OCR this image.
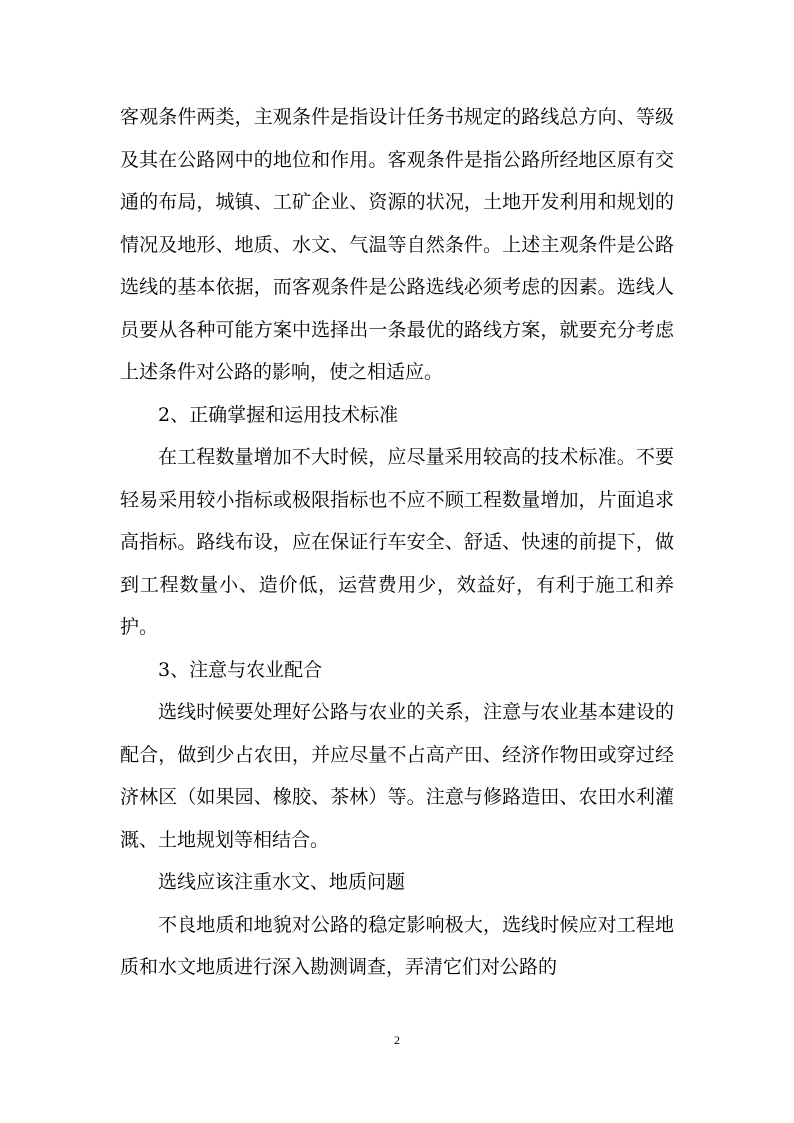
客观条件两类，主观条件是指设计任务书规定的路线总方向、等级及其在公路网中的地位和作用。客观条件是指公路所经地区原有交通的布局，城镇、工矿企业、资源的状况，土地开发利用和规划的情况及地形、地质、水文、气温等自然条件。上述主观条件是公路选线的基本依据，而客观条件是公路选线必须考虑的因素。选线人员要从各种可能方案中选择出一条最优的路线方案，就要充分考虑上述条件对公路的影响，使之相适应。

2、正确掌握和运用技术标准

在工程数量增加不大时候，应尽量采用较高的技术标准。不要轻易采用较小指标或极限指标也不应不顾工程数量增加，片面追求高指标。路线布设，应在保证行车安全、舒适、快速的前提下，做到工程数量小、造价低，运营费用少，效益好，有利于施工和养护。

3、注意与农业配合

选线时候要处理好公路与农业的关系，注意与农业基本建设的配合，做到少占农田，并应尽量不占高产田、经济作物田或穿过经济林区（如果园、橡胶、茶林）等。注意与修路造田、农田水利灌溉、土地规划等相结合。

选线应该注重水文、地质问题

不良地质和地貌对公路的稳定影响极大，选线时候应对工程地质和水文地质进行深入勘测调查，弄清它们对公路的

2
